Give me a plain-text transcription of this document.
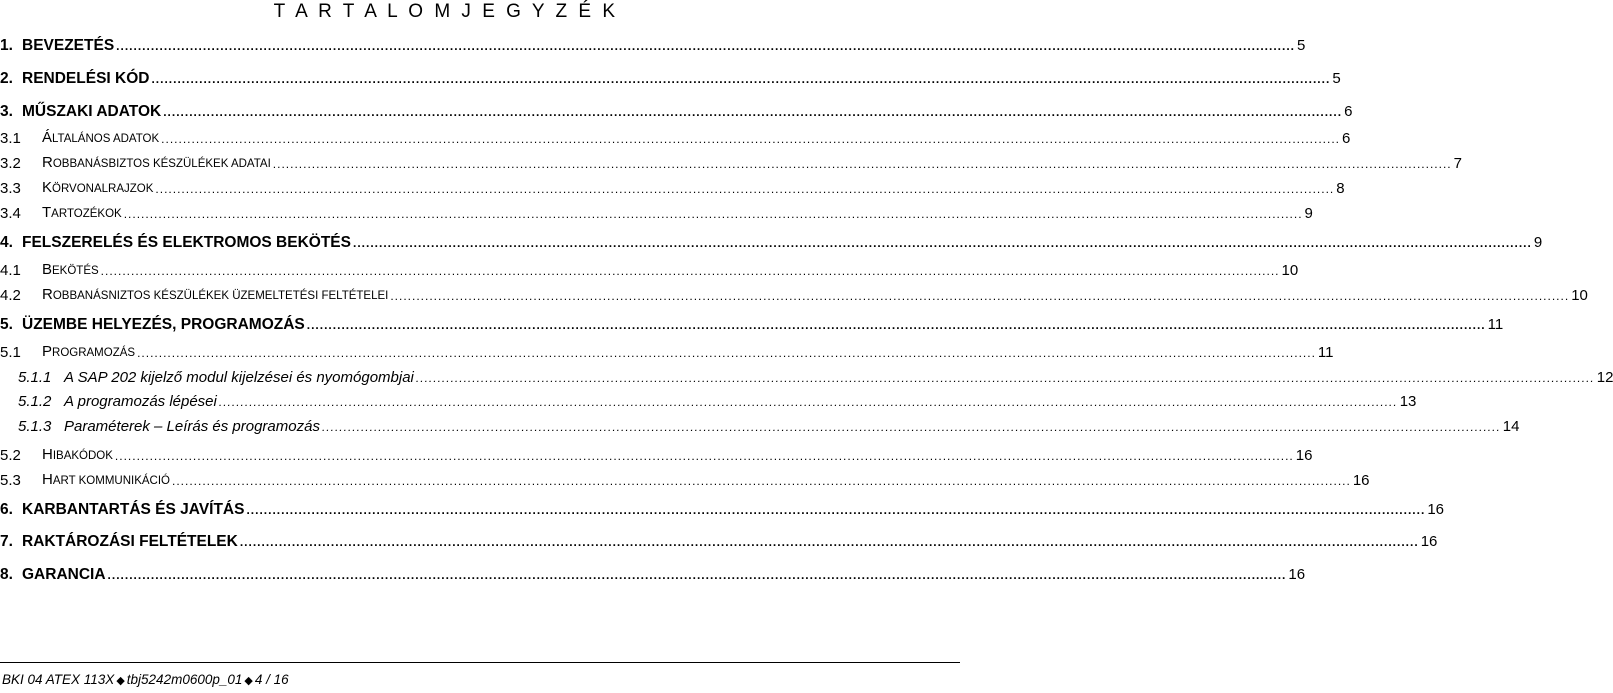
T A R T A L O M J E G Y Z É K
1. BEVEZETÉS .....	5
2. RENDELÉSI KÓD .....	5
3. MŰSZAKI ADATOK .....	6
3.1	ÁLTALÁNOS ADATOK .....	6
3.2	ROBBANÁSBIZTOS KÉSZÜLÉKEK ADATAI .....	7
3.3	KÖRVONALRAJZOK .....	8
3.4	TARTOZÉKOK .....	9
4. FELSZERELÉS ÉS ELEKTROMOS BEKÖTÉS .....	9
4.1	BEKÖTÉS .....	10
4.2	ROBBANÁSNIZTOS KÉSZÜLÉKEK ÜZEMELTETÉSI FELTÉTELEI .....	10
5. ÜZEMBE HELYEZÉS, PROGRAMOZÁS .....	11
5.1	PROGRAMOZÁS .....	11
5.1.1 A SAP 202 kijelző modul kijelzései és nyomógombjai .....	12
5.1.2 A programozás lépései .....	13
5.1.3 Paraméterek – Leírás és programozás .....	14
5.2	HIBAKÓDOK .....	16
5.3	HART KOMMUNIKÁCIÓ .....	16
6. KARBANTARTÁS ÉS JAVÍTÁS .....	16
7. RAKTÁROZÁSI FELTÉTELEK .....	16
8. GARANCIA .....	16
BKI 04 ATEX 113X ◆ tbj5242m0600p_01 ◆ 4 / 16
